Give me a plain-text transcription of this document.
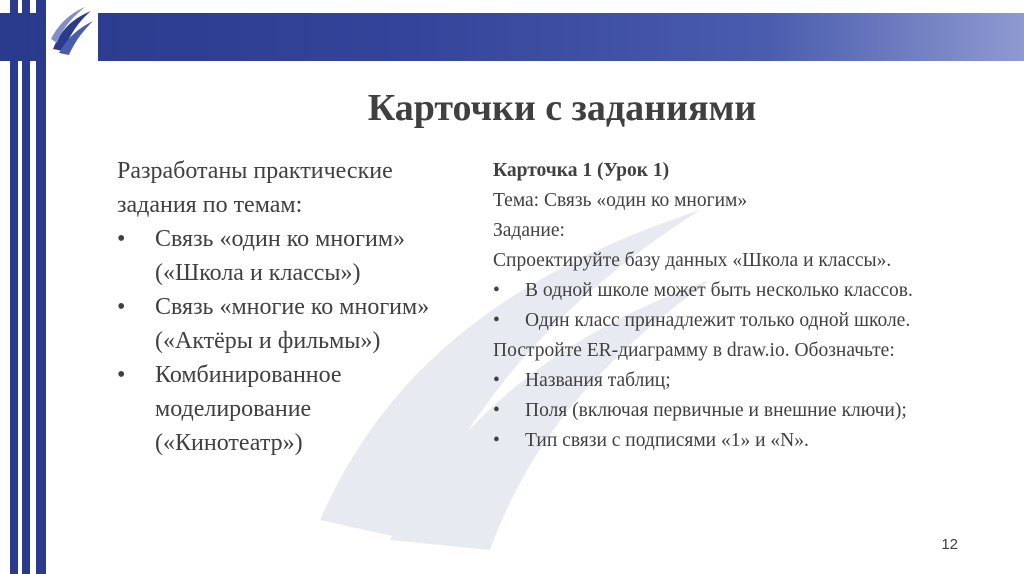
Карточки с заданиями

Разработаны практические задания по темам:

• Связь «один ко многим» («Школа и классы»)
• Связь «многие ко многим» («Актёры и фильмы»)
• Комбинированное моделирование («Кинотеатр»)

Карточка 1 (Урок 1)

Тема: Связь «один ко многим»

Задание:

Спроектируйте базу данных «Школа и классы».

• В одной школе может быть несколько классов.
• Один класс принадлежит только одной школе.

Постройте ER-диаграмму в draw.io. Обозначьте:

• Названия таблиц;
• Поля (включая первичные и внешние ключи);
• Тип связи с подписями «1» и «N».
12
